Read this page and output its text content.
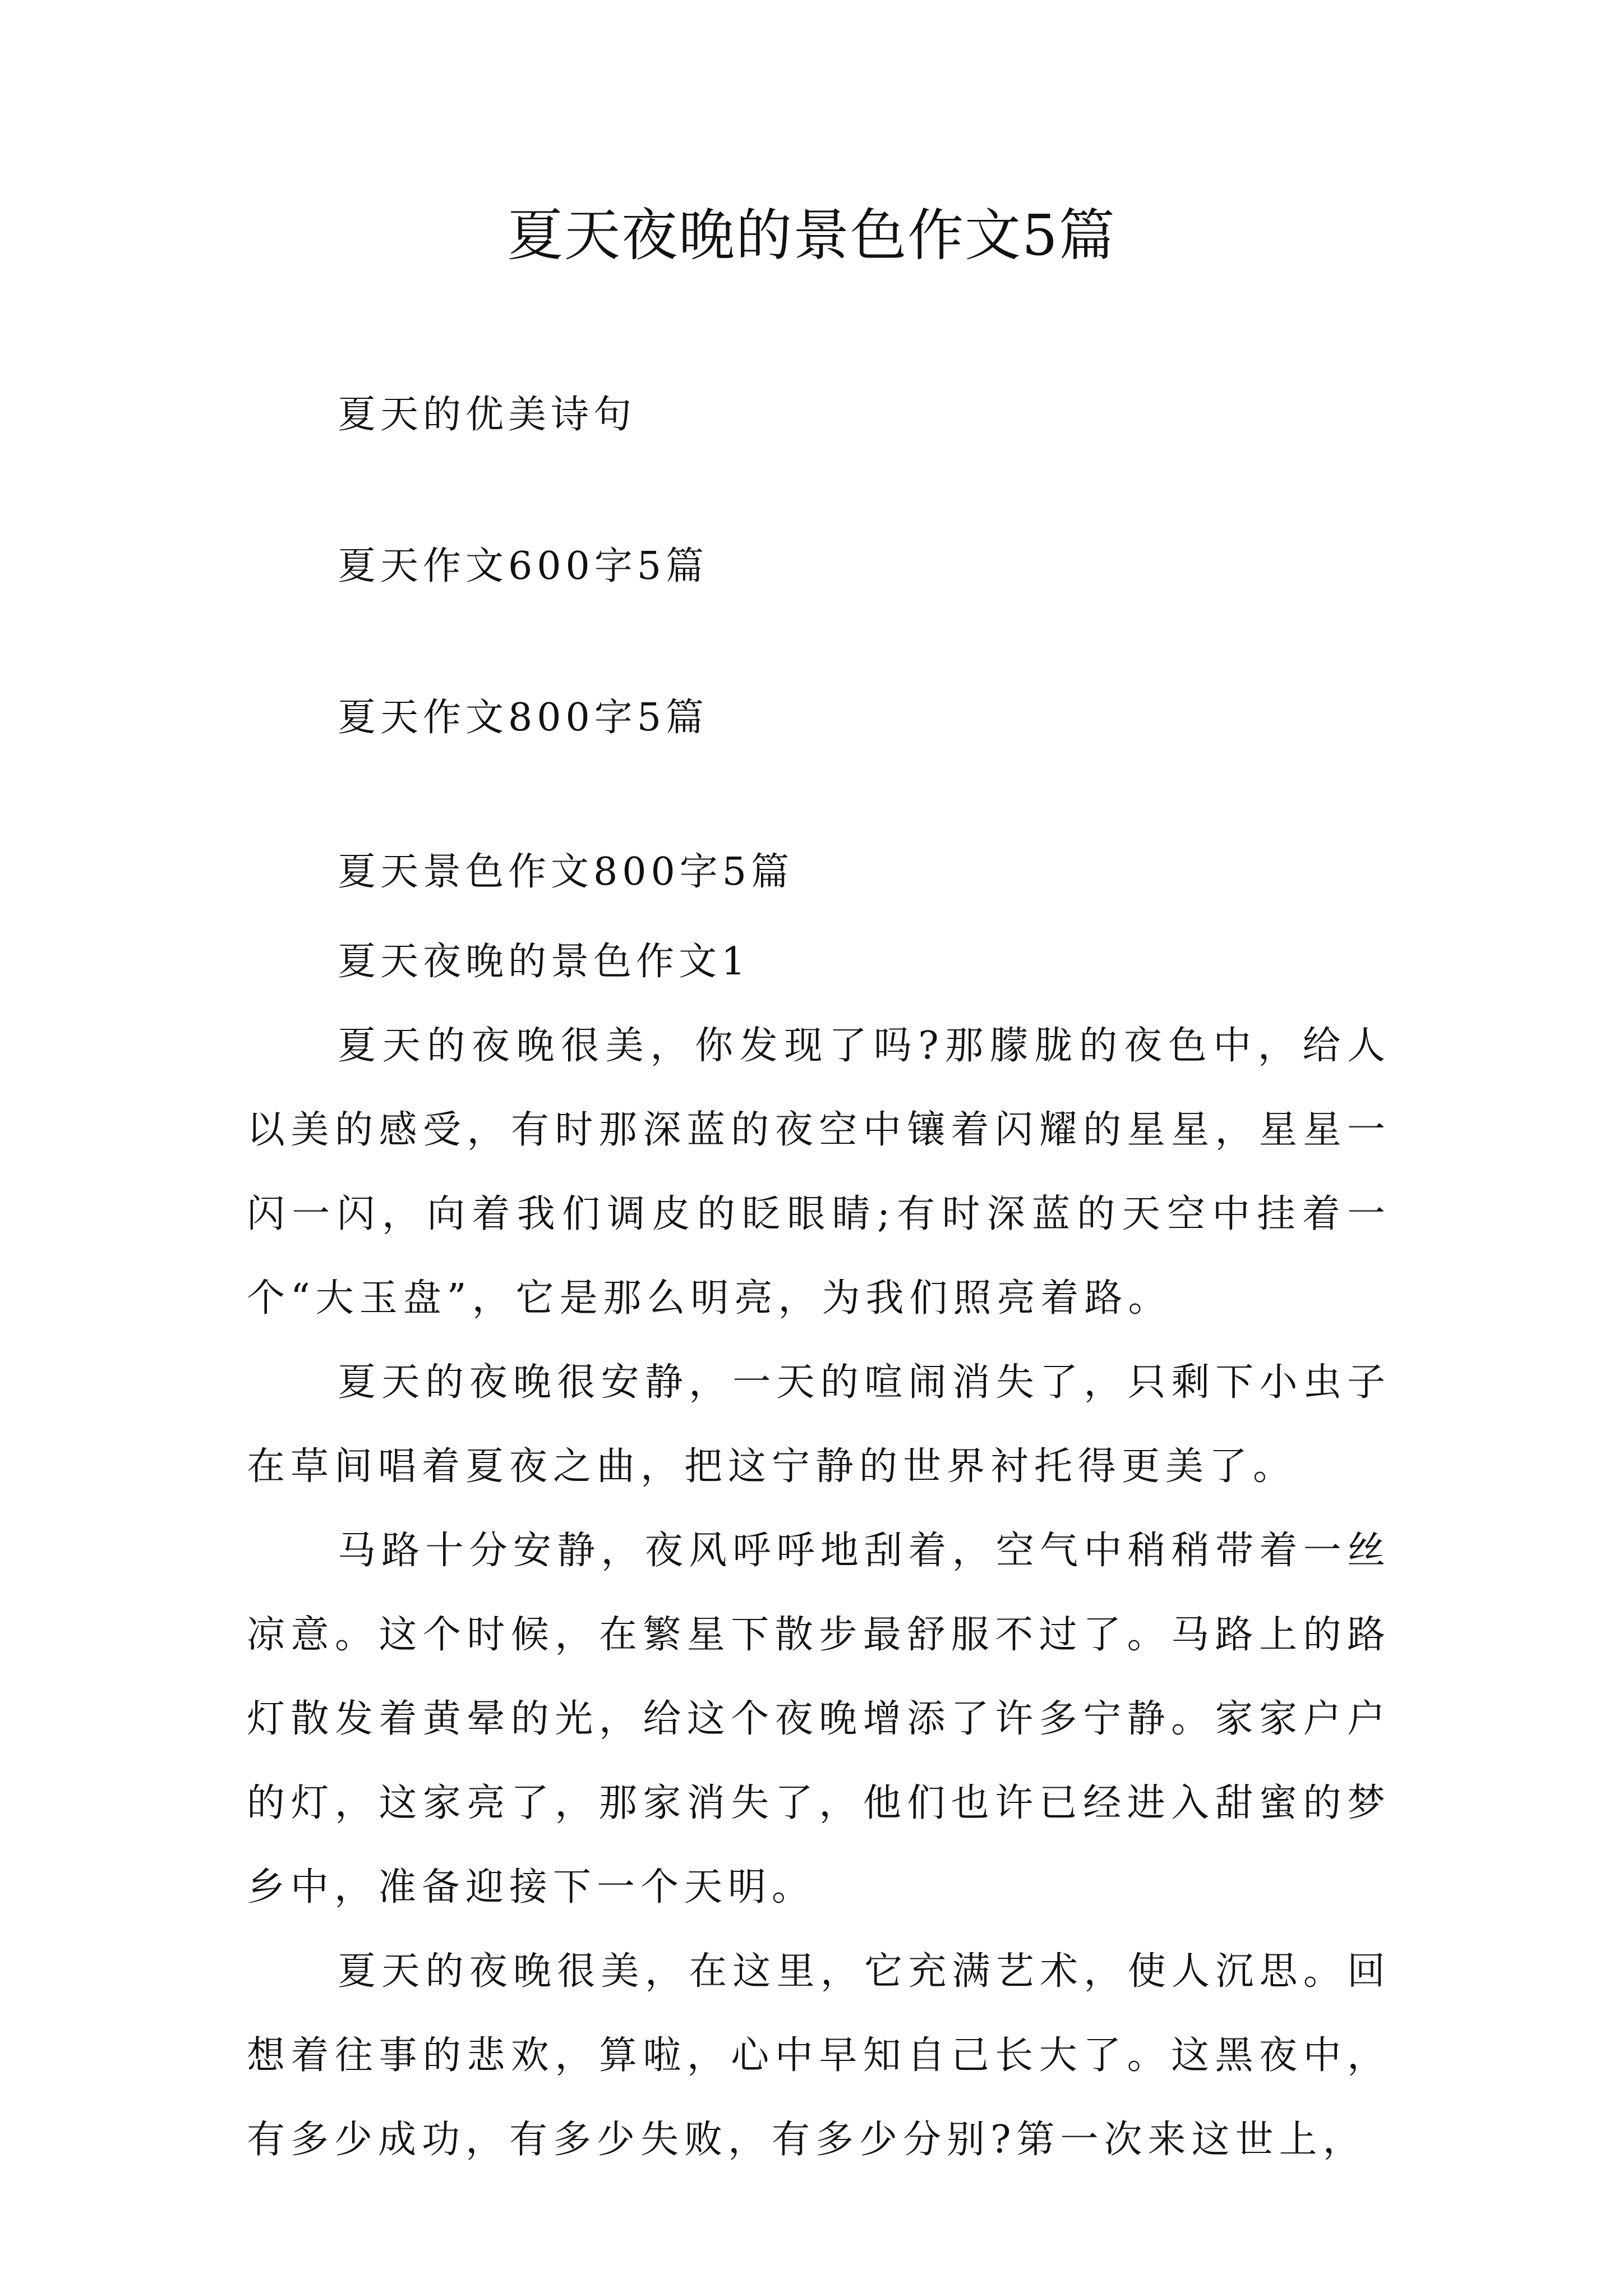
夏天夜晚的景色作文5篇
夏天的优美诗句
夏天作文600字5篇
夏天作文800字5篇
夏天景色作文800字5篇
夏天夜晚的景色作文1

夏天的夜晚很美，你发现了吗?那朦胧的夜色中，给人以美的感受，有时那深蓝的夜空中镶着闪耀的星星，星星一闪一闪，向着我们调皮的眨眼睛;有时深蓝的天空中挂着一个“大玉盘”，它是那么明亮，为我们照亮着路。

夏天的夜晚很安静，一天的喧闹消失了，只剩下小虫子在草间唱着夏夜之曲，把这宁静的世界衬托得更美了。

马路十分安静，夜风呼呼地刮着，空气中稍稍带着一丝凉意。这个时候，在繁星下散步最舒服不过了。马路上的路灯散发着黄晕的光，给这个夜晚增添了许多宁静。家家户户的灯，这家亮了，那家消失了，他们也许已经进入甜蜜的梦乡中，准备迎接下一个天明。

夏天的夜晚很美，在这里，它充满艺术，使人沉思。回想着往事的悲欢，算啦，心中早知自己长大了。这黑夜中，有多少成功，有多少失败，有多少分别?第一次来这世上，
